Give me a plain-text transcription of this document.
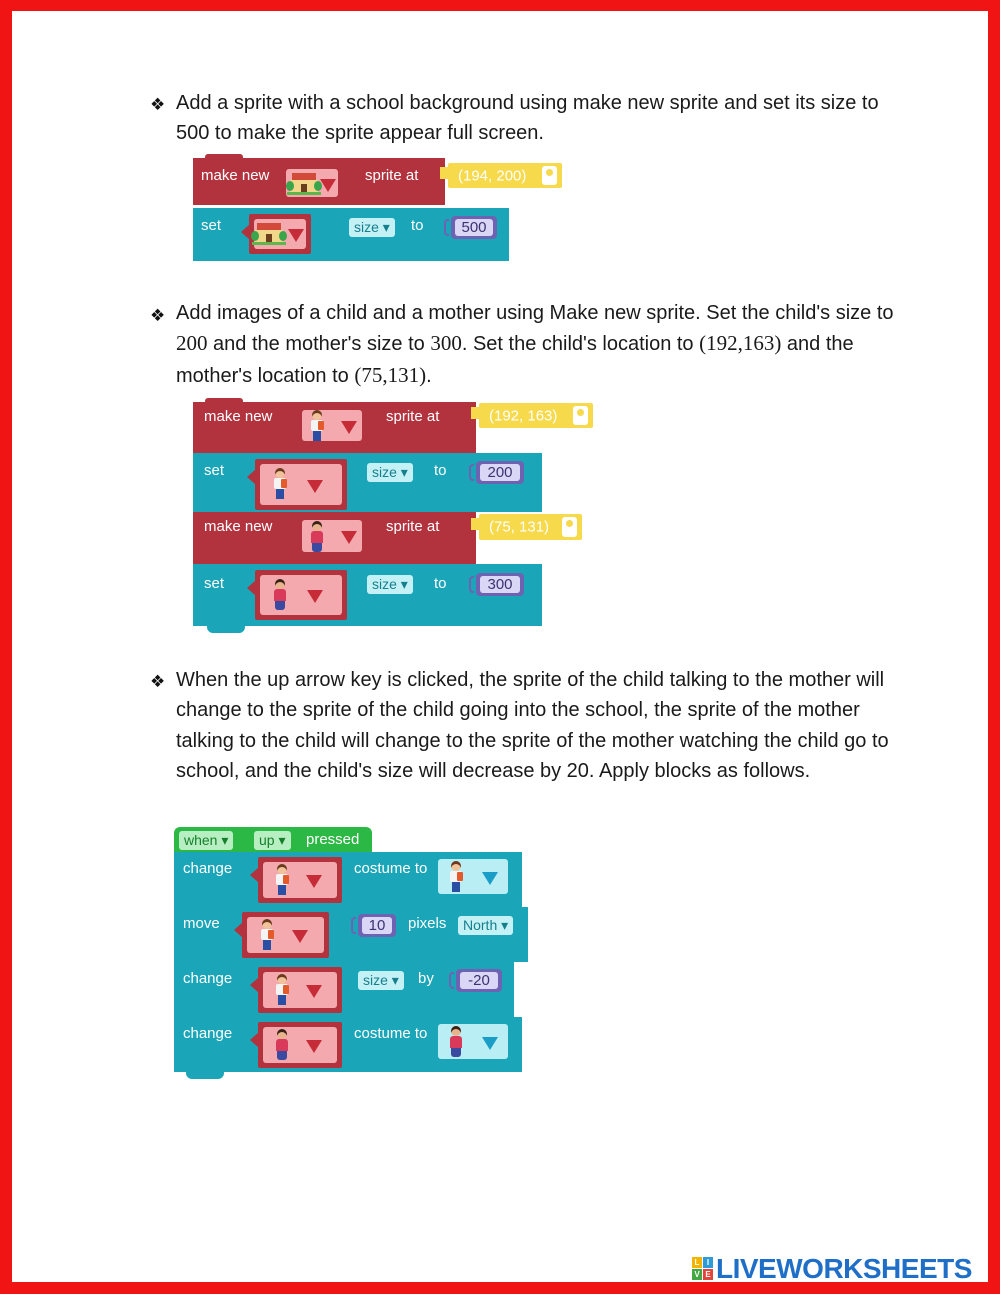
❖ Add a sprite with a school background using make new sprite and set its size to 500 to make the sprite appear full screen.
make new	sprite at	(194, 200)
set	size ▾	to	500
❖ Add images of a child and a mother using Make new sprite. Set the child's size to 200 and the mother's size to 300. Set the child's location to (192,163) and the mother's location to (75,131).
make new	sprite at	(192, 163)
set	size ▾	to	200
make new	sprite at	(75, 131)
set	size ▾	to	300
❖ When the up arrow key is clicked, the sprite of the child talking to the mother will change to the sprite of the child going into the school, the sprite of the mother talking to the child will change to the sprite of the mother watching the child go to school, and the child's size will decrease by 20. Apply blocks as follows.
when ▾	up ▾	pressed
change	costume to
move	10	pixels	North ▾
change	size ▾	by	-20
change	costume to
L I
V E LIVEWORKSHEETS
